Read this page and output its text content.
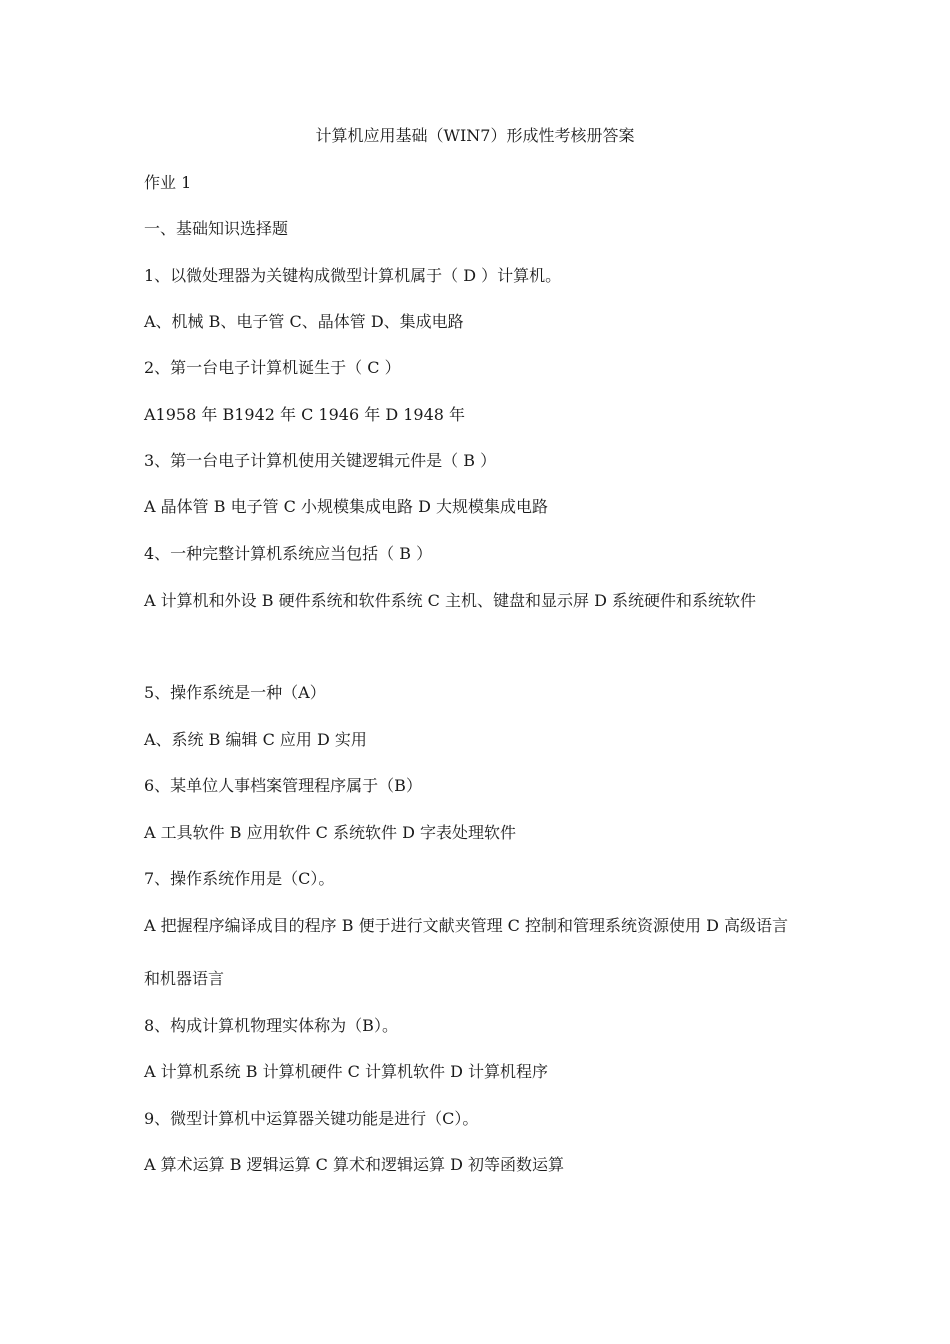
计算机应用基础（WIN7）形成性考核册答案
作业 1
一、基础知识选择题
1、以微处理器为关键构成微型计算机属于（ D ）计算机。
A、机械 B、电子管 C、晶体管 D、集成电路
2、第一台电子计算机诞生于（ C ）
A1958 年 B1942 年 C 1946 年 D 1948 年
3、第一台电子计算机使用关键逻辑元件是（ B ）
A 晶体管 B 电子管 C 小规模集成电路 D 大规模集成电路
4、一种完整计算机系统应当包括（ B ）
A 计算机和外设 B 硬件系统和软件系统 C 主机、键盘和显示屏 D 系统硬件和系统软件
5、操作系统是一种（A）
A、系统 B 编辑 C 应用 D 实用
6、某单位人事档案管理程序属于（B）
A 工具软件 B 应用软件 C 系统软件 D 字表处理软件
7、操作系统作用是（C）。
A 把握程序编译成目的程序 B 便于进行文献夹管理 C 控制和管理系统资源使用 D 高级语言
和机器语言
8、构成计算机物理实体称为（B）。
A 计算机系统 B 计算机硬件 C 计算机软件 D 计算机程序
9、微型计算机中运算器关键功能是进行（C）。
A 算术运算 B 逻辑运算 C 算术和逻辑运算 D 初等函数运算
